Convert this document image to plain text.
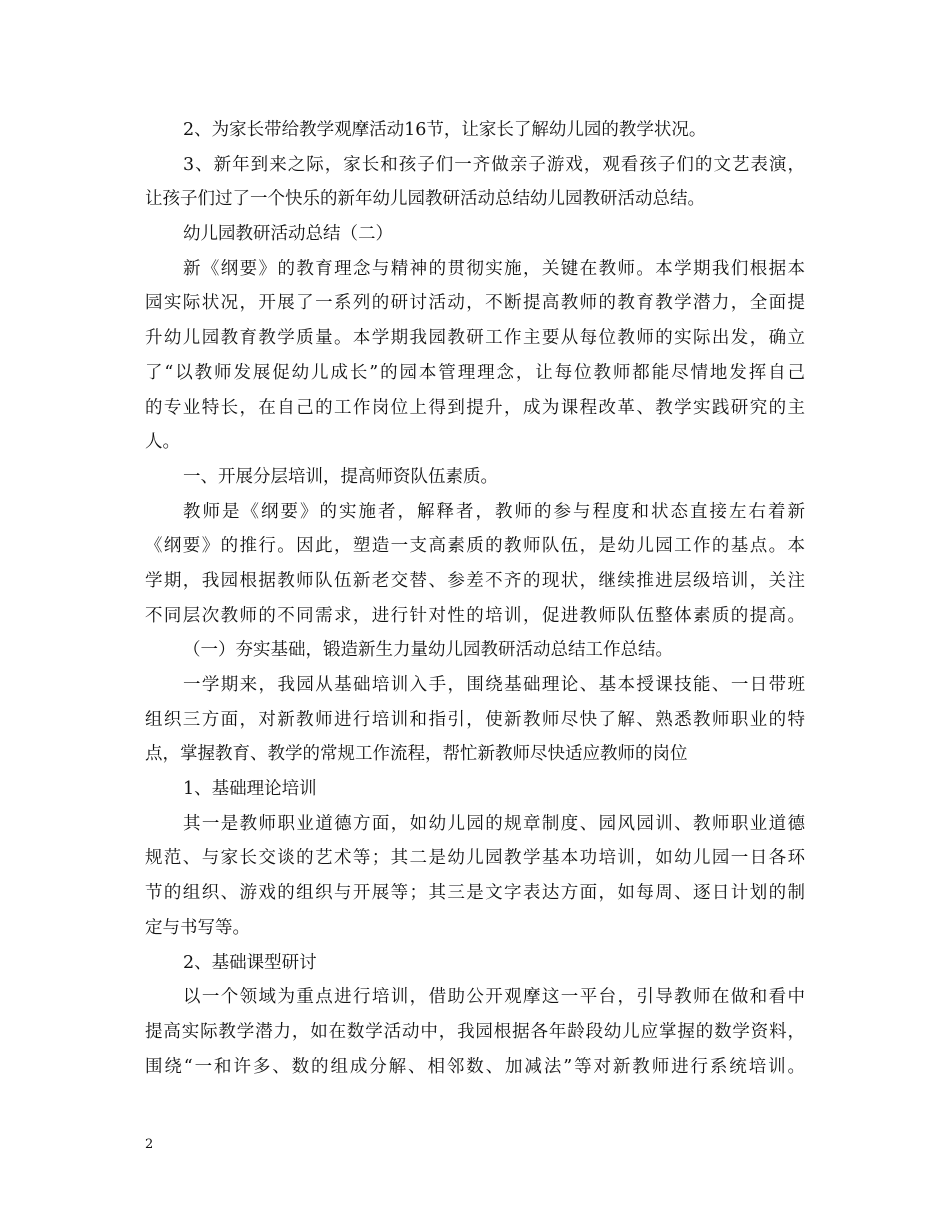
2、为家长带给教学观摩活动16节，让家长了解幼儿园的教学状况。
3、新年到来之际，家长和孩子们一齐做亲子游戏，观看孩子们的文艺表演，
让孩子们过了一个快乐的新年幼儿园教研活动总结幼儿园教研活动总结。
幼儿园教研活动总结（二）
新《纲要》的教育理念与精神的贯彻实施，关键在教师。本学期我们根据本
园实际状况，开展了一系列的研讨活动，不断提高教师的教育教学潜力，全面提
升幼儿园教育教学质量。本学期我园教研工作主要从每位教师的实际出发，确立
了“以教师发展促幼儿成长”的园本管理理念，让每位教师都能尽情地发挥自己
的专业特长，在自己的工作岗位上得到提升，成为课程改革、教学实践研究的主
人。
一、开展分层培训，提高师资队伍素质。
教师是《纲要》的实施者，解释者，教师的参与程度和状态直接左右着新
《纲要》的推行。因此，塑造一支高素质的教师队伍，是幼儿园工作的基点。本
学期，我园根据教师队伍新老交替、参差不齐的现状，继续推进层级培训，关注
不同层次教师的不同需求，进行针对性的培训，促进教师队伍整体素质的提高。
（一）夯实基础，锻造新生力量幼儿园教研活动总结工作总结。
一学期来，我园从基础培训入手，围绕基础理论、基本授课技能、一日带班
组织三方面，对新教师进行培训和指引，使新教师尽快了解、熟悉教师职业的特
点，掌握教育、教学的常规工作流程，帮忙新教师尽快适应教师的岗位
1、基础理论培训
其一是教师职业道德方面，如幼儿园的规章制度、园风园训、教师职业道德
规范、与家长交谈的艺术等；其二是幼儿园教学基本功培训，如幼儿园一日各环
节的组织、游戏的组织与开展等；其三是文字表达方面，如每周、逐日计划的制
定与书写等。
2、基础课型研讨
以一个领域为重点进行培训，借助公开观摩这一平台，引导教师在做和看中
提高实际教学潜力，如在数学活动中，我园根据各年龄段幼儿应掌握的数学资料，
围绕“一和许多、数的组成分解、相邻数、加减法”等对新教师进行系统培训。
2
